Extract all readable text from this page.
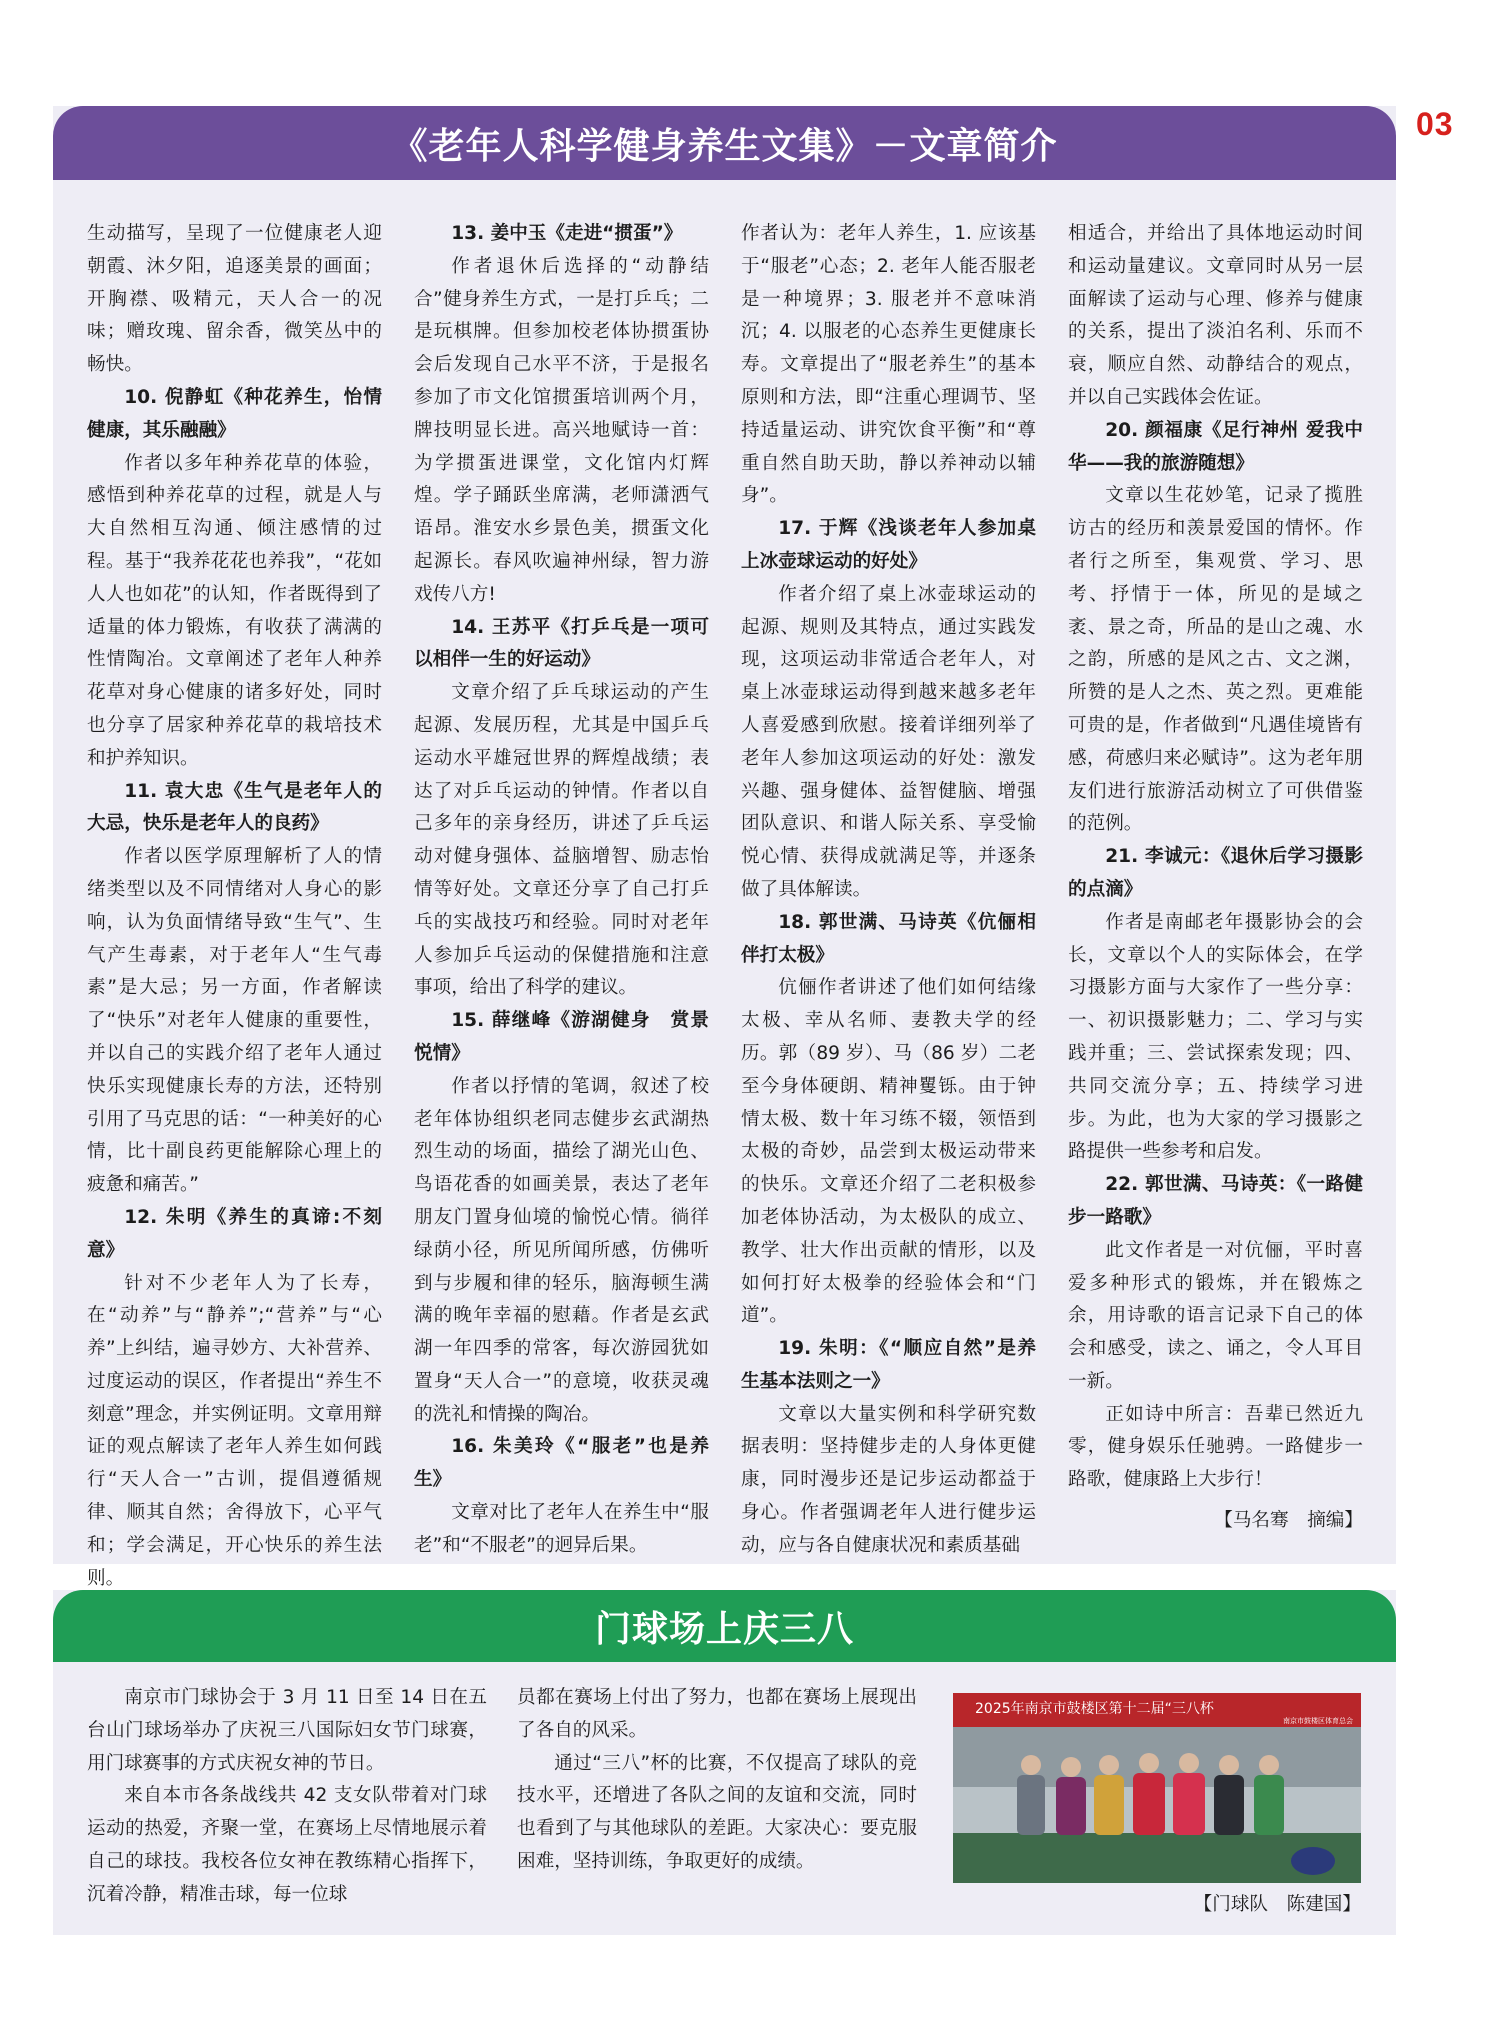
03
《老年人科学健身养生文集》－文章简介

生动描写，呈现了一位健康老人迎朝霞、沐夕阳，追逐美景的画面；开胸襟、吸精元，天人合一的况味；赠玫瑰、留余香，微笑丛中的畅快。

10. 倪静虹《种花养生，怡情健康，其乐融融》

作者以多年种养花草的体验，感悟到种养花草的过程，就是人与大自然相互沟通、倾注感情的过程。基于“我养花花也养我”，“花如人人也如花”的认知，作者既得到了适量的体力锻炼，有收获了满满的性情陶冶。文章阐述了老年人种养花草对身心健康的诸多好处，同时也分享了居家种养花草的栽培技术和护养知识。

11. 袁大忠《生气是老年人的大忌，快乐是老年人的良药》

作者以医学原理解析了人的情绪类型以及不同情绪对人身心的影响，认为负面情绪导致“生气”、生气产生毒素，对于老年人“生气毒素”是大忌；另一方面，作者解读了“快乐”对老年人健康的重要性，并以自己的实践介绍了老年人通过快乐实现健康长寿的方法，还特别引用了马克思的话：“一种美好的心情，比十副良药更能解除心理上的疲惫和痛苦。”

12. 朱明《养生的真谛:不刻意》

针对不少老年人为了长寿，在“动养”与“静养”;“营养”与“心养”上纠结，遍寻妙方、大补营养、过度运动的误区，作者提出“养生不刻意”理念，并实例证明。文章用辩证的观点解读了老年人养生如何践行“天人合一”古训，提倡遵循规律、顺其自然；舍得放下，心平气和；学会满足，开心快乐的养生法则。

13. 姜中玉《走进“掼蛋”》

作者退休后选择的“动静结合”健身养生方式，一是打乒乓；二是玩棋牌。但参加校老体协掼蛋协会后发现自己水平不济，于是报名参加了市文化馆掼蛋培训两个月，牌技明显长进。高兴地赋诗一首：为学掼蛋进课堂，文化馆内灯辉煌。学子踊跃坐席满，老师潇洒气语昂。淮安水乡景色美，掼蛋文化起源长。春风吹遍神州绿，智力游戏传八方!

14. 王苏平《打乒乓是一项可以相伴一生的好运动》

文章介绍了乒乓球运动的产生起源、发展历程，尤其是中国乒乓运动水平雄冠世界的辉煌战绩；表达了对乒乓运动的钟情。作者以自己多年的亲身经历，讲述了乒乓运动对健身强体、益脑增智、励志怡情等好处。文章还分享了自己打乒乓的实战技巧和经验。同时对老年人参加乒乓运动的保健措施和注意事项，给出了科学的建议。

15. 薛继峰《游湖健身　赏景悦情》

作者以抒情的笔调，叙述了校老年体协组织老同志健步玄武湖热烈生动的场面，描绘了湖光山色、鸟语花香的如画美景，表达了老年朋友门置身仙境的愉悦心情。徜徉绿荫小径，所见所闻所感，仿佛听到与步履和律的轻乐，脑海顿生满满的晚年幸福的慰藉。作者是玄武湖一年四季的常客，每次游园犹如置身“天人合一”的意境，收获灵魂的洗礼和情操的陶冶。

16. 朱美玲《“服老”也是养生》

文章对比了老年人在养生中“服老”和“不服老”的迥异后果。

作者认为：老年人养生，1. 应该基于“服老”心态；2. 老年人能否服老是一种境界；3. 服老并不意味消沉；4. 以服老的心态养生更健康长寿。文章提出了“服老养生”的基本原则和方法，即“注重心理调节、坚持适量运动、讲究饮食平衡”和“尊重自然自助天助，静以养神动以辅身”。

17. 于辉《浅谈老年人参加桌上冰壶球运动的好处》

作者介绍了桌上冰壶球运动的起源、规则及其特点，通过实践发现，这项运动非常适合老年人，对桌上冰壶球运动得到越来越多老年人喜爱感到欣慰。接着详细列举了老年人参加这项运动的好处：激发兴趣、强身健体、益智健脑、增强团队意识、和谐人际关系、享受愉悦心情、获得成就满足等，并逐条做了具体解读。

18. 郭世满、马诗英《伉俪相伴打太极》

伉俪作者讲述了他们如何结缘太极、幸从名师、妻教夫学的经历。郭（89 岁）、马（86 岁）二老至今身体硬朗、精神矍铄。由于钟情太极、数十年习练不辍，领悟到太极的奇妙，品尝到太极运动带来的快乐。文章还介绍了二老积极参加老体协活动，为太极队的成立、教学、壮大作出贡献的情形，以及如何打好太极拳的经验体会和“门道”。

19. 朱明：《“顺应自然”是养生基本法则之一》

文章以大量实例和科学研究数据表明：坚持健步走的人身体更健康，同时漫步还是记步运动都益于身心。作者强调老年人进行健步运动，应与各自健康状况和素质基础

相适合，并给出了具体地运动时间和运动量建议。文章同时从另一层面解读了运动与心理、修养与健康的关系，提出了淡泊名利、乐而不衰，顺应自然、动静结合的观点，并以自己实践体会佐证。

20. 颜福康《足行神州 爱我中华——我的旅游随想》

文章以生花妙笔，记录了揽胜访古的经历和羡景爱国的情怀。作者行之所至，集观赏、学习、思考、抒情于一体，所见的是域之袤、景之奇，所品的是山之魂、水之韵，所感的是风之古、文之渊，所赞的是人之杰、英之烈。更难能可贵的是，作者做到“凡遇佳境皆有感，荷感归来必赋诗”。这为老年朋友们进行旅游活动树立了可供借鉴的范例。

21. 李诚元：《退休后学习摄影的点滴》

作者是南邮老年摄影协会的会长，文章以个人的实际体会，在学习摄影方面与大家作了一些分享：一、初识摄影魅力；二、学习与实践并重；三、尝试探索发现；四、共同交流分享；五、持续学习进步。为此，也为大家的学习摄影之路提供一些参考和启发。

22. 郭世满、马诗英：《一路健步一路歌》

此文作者是一对伉俪，平时喜爱多种形式的锻炼，并在锻炼之余，用诗歌的语言记录下自己的体会和感受，读之、诵之，令人耳目一新。

正如诗中所言：吾辈已然近九零，健身娱乐任驰骋。一路健步一路歌，健康路上大步行！

【马名骞　摘编】

门球场上庆三八

南京市门球协会于 3 月 11 日至 14 日在五台山门球场举办了庆祝三八国际妇女节门球赛，用门球赛事的方式庆祝女神的节日。

来自本市各条战线共 42 支女队带着对门球运动的热爱，齐聚一堂，在赛场上尽情地展示着自己的球技。我校各位女神在教练精心指挥下，沉着冷静，精准击球，每一位球

员都在赛场上付出了努力，也都在赛场上展现出了各自的风采。

通过“三八”杯的比赛，不仅提高了球队的竞技水平，还增进了各队之间的友谊和交流，同时也看到了与其他球队的差距。大家决心：要克服困难，坚持训练，争取更好的成绩。

2025年南京市鼓楼区第十二届“三八杯
南京市鼓楼区体育总会
【门球队　陈建国】
